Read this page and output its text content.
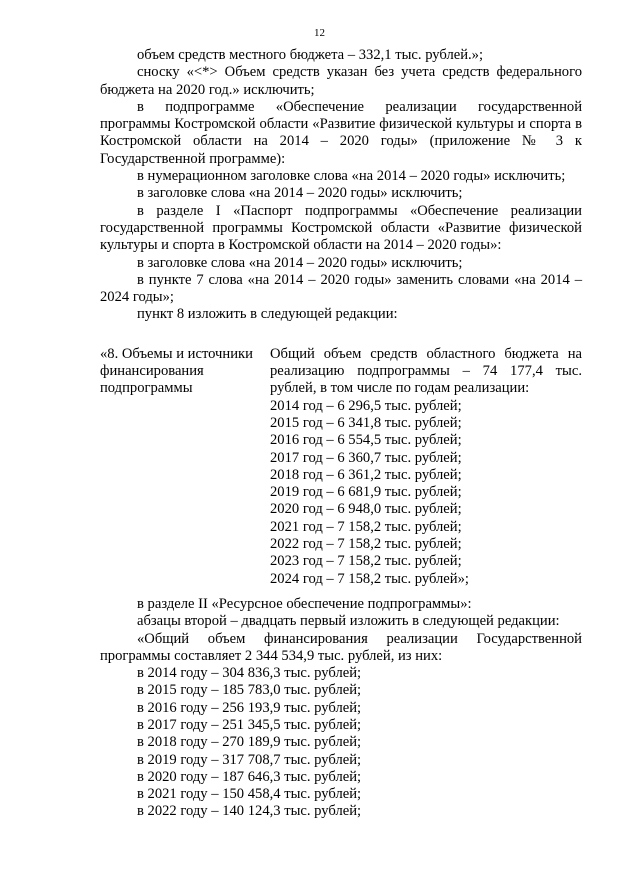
12

объем средств местного бюджета – 332,1 тыс. рублей.»;

сноску «<*> Объем средств указан без учета средств федерального бюджета на 2020 год.» исключить;

в подпрограмме «Обеспечение реализации государственной программы Костромской области «Развитие физической культуры и спорта в Костромской области на 2014 – 2020 годы» (приложение № 3 к Государственной программе):

в нумерационном заголовке слова «на 2014 – 2020 годы» исключить;

в заголовке слова «на 2014 – 2020 годы» исключить;

в разделе I «Паспорт подпрограммы «Обеспечение реализации государственной программы Костромской области «Развитие физической культуры и спорта в Костромской области на 2014 – 2020 годы»:

в заголовке слова «на 2014 – 2020 годы» исключить;

в пункте 7 слова «на 2014 – 2020 годы» заменить словами «на 2014 – 2024 годы»;

пункт 8 изложить в следующей редакции:

«8. Объемы и источники финансирования подпрограммы
Общий объем средств областного бюджета на реализацию подпрограммы – 74 177,4 тыс. рублей, в том числе по годам реализации:
2014 год – 6 296,5 тыс. рублей;
2015 год – 6 341,8 тыс. рублей;
2016 год – 6 554,5 тыс. рублей;
2017 год – 6 360,7 тыс. рублей;
2018 год – 6 361,2 тыс. рублей;
2019 год – 6 681,9 тыс. рублей;
2020 год – 6 948,0 тыс. рублей;
2021 год – 7 158,2 тыс. рублей;
2022 год – 7 158,2 тыс. рублей;
2023 год – 7 158,2 тыс. рублей;
2024 год – 7 158,2 тыс. рублей»;

в разделе II «Ресурсное обеспечение подпрограммы»:

абзацы второй – двадцать первый изложить в следующей редакции:

«Общий объем финансирования реализации Государственной программы составляет 2 344 534,9 тыс. рублей, из них:

в 2014 году – 304 836,3 тыс. рублей;
в 2015 году – 185 783,0 тыс. рублей;
в 2016 году – 256 193,9 тыс. рублей;
в 2017 году – 251 345,5 тыс. рублей;
в 2018 году – 270 189,9 тыс. рублей;
в 2019 году – 317 708,7 тыс. рублей;
в 2020 году – 187 646,3 тыс. рублей;
в 2021 году – 150 458,4 тыс. рублей;
в 2022 году – 140 124,3 тыс. рублей;
